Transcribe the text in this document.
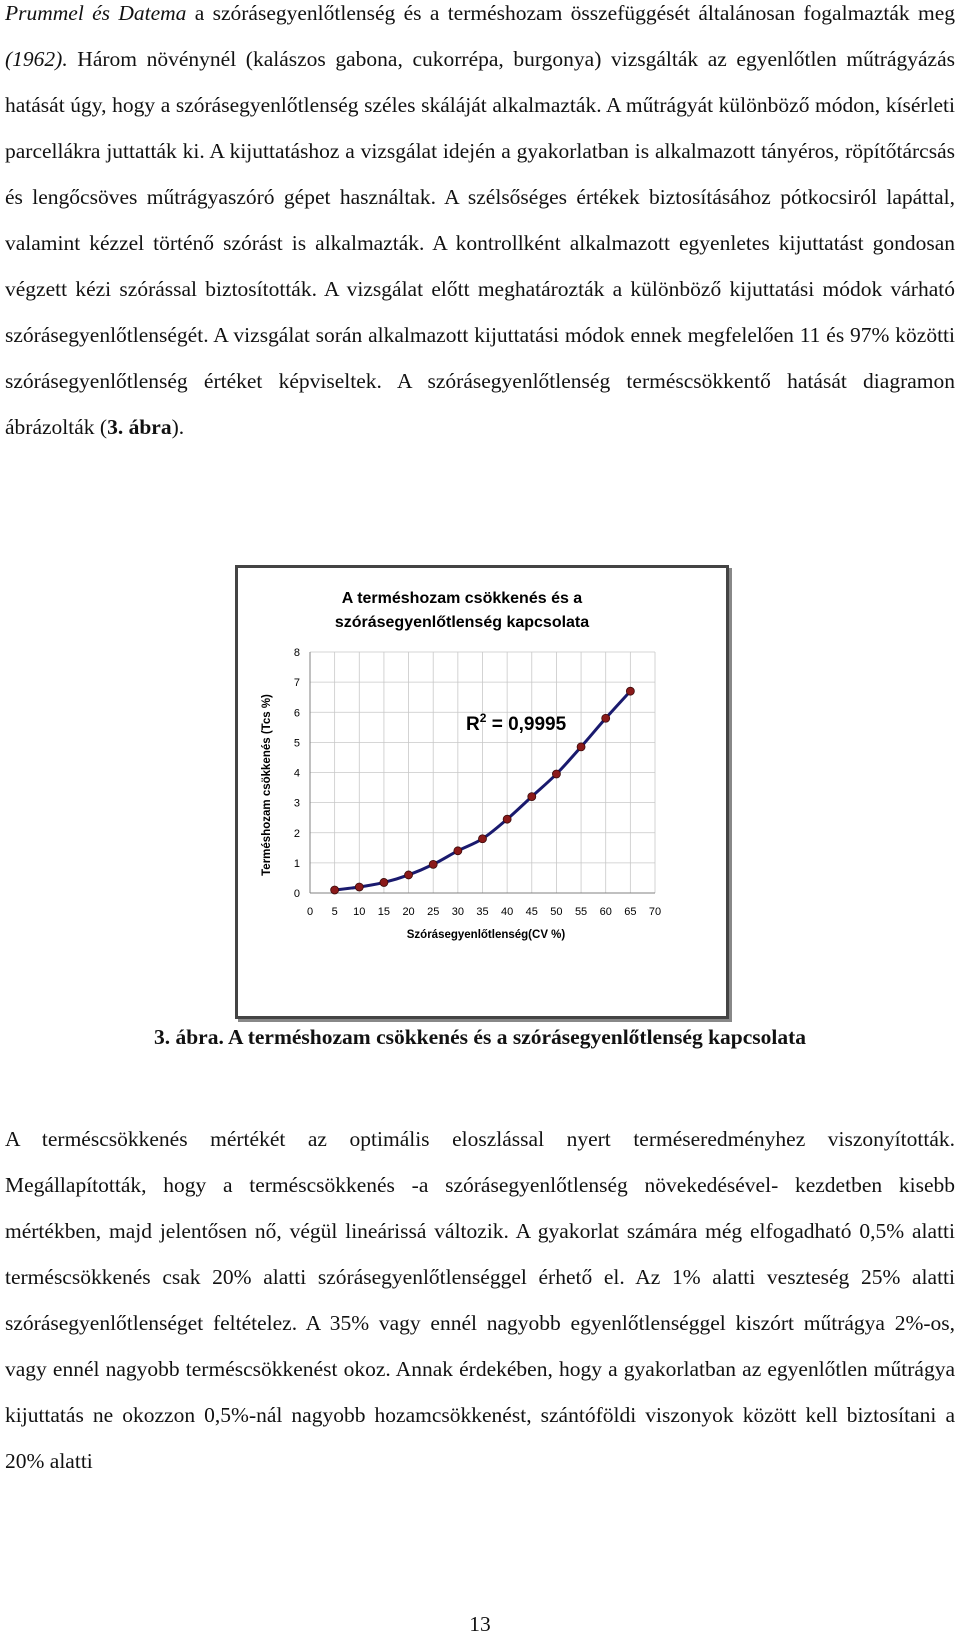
Prummel és Datema a szórásegyenlőtlenség és a terméshozam összefüggését általánosan fogalmazták meg (1962). Három növénynél (kalászos gabona, cukorrépa, burgonya) vizsgálták az egyenlőtlen műtrágyázás hatását úgy, hogy a szórásegyenlőtlenség széles skáláját alkalmazták. A műtrágyát különböző módon, kísérleti parcellákra juttatták ki. A kijuttatáshoz a vizsgálat idején a gyakorlatban is alkalmazott tányéros, röpítőtárcsás és lengőcsöves műtrágyaszóró gépet használtak. A szélsőséges értékek biztosításához pótkocsiról lapáttal, valamint kézzel történő szórást is alkalmazták. A kontrollként alkalmazott egyenletes kijuttatást gondosan végzett kézi szórással biztosították. A vizsgálat előtt meghatározták a különböző kijuttatási módok várható szórásegyenlőtlenségét. A vizsgálat során alkalmazott kijuttatási módok ennek megfelelően 11 és 97% közötti szórásegyenlőtlenség értéket képviseltek. A szórásegyenlőtlenség terméscsökkentő hatását diagramon ábrázolták (3. ábra).
A terméshozam csökkenés és a
szórásegyenlőtlenség kapcsolata
0 5 10 15 20 25 30 35 40 45 50 55 60 65 70
0
1
2
3
4
5
6
7
8
Szórásegyenlőtlenség(CV %)
Terméshozam csökkenés (Tcs %)	$R^2 = 0,9995$
3. ábra. A terméshozam csökkenés és a szórásegyenlőtlenség kapcsolata
A terméscsökkenés mértékét az optimális eloszlással nyert terméseredményhez viszonyították. Megállapították, hogy a terméscsökkenés -a szórásegyenlőtlenség növekedésével- kezdetben kisebb mértékben, majd jelentősen nő, végül lineárissá változik. A gyakorlat számára még elfogadható 0,5% alatti terméscsökkenés csak 20% alatti szórásegyenlőtlenséggel érhető el. Az 1% alatti veszteség 25% alatti szórásegyenlőtlenséget feltételez. A 35% vagy ennél nagyobb egyenlőtlenséggel kiszórt műtrágya 2%-os, vagy ennél nagyobb terméscsökkenést okoz. Annak érdekében, hogy a gyakorlatban az egyenlőtlen műtrágya kijuttatás ne okozzon 0,5%-nál nagyobb hozamcsökkenést, szántóföldi viszonyok között kell biztosítani a 20% alatti
13
